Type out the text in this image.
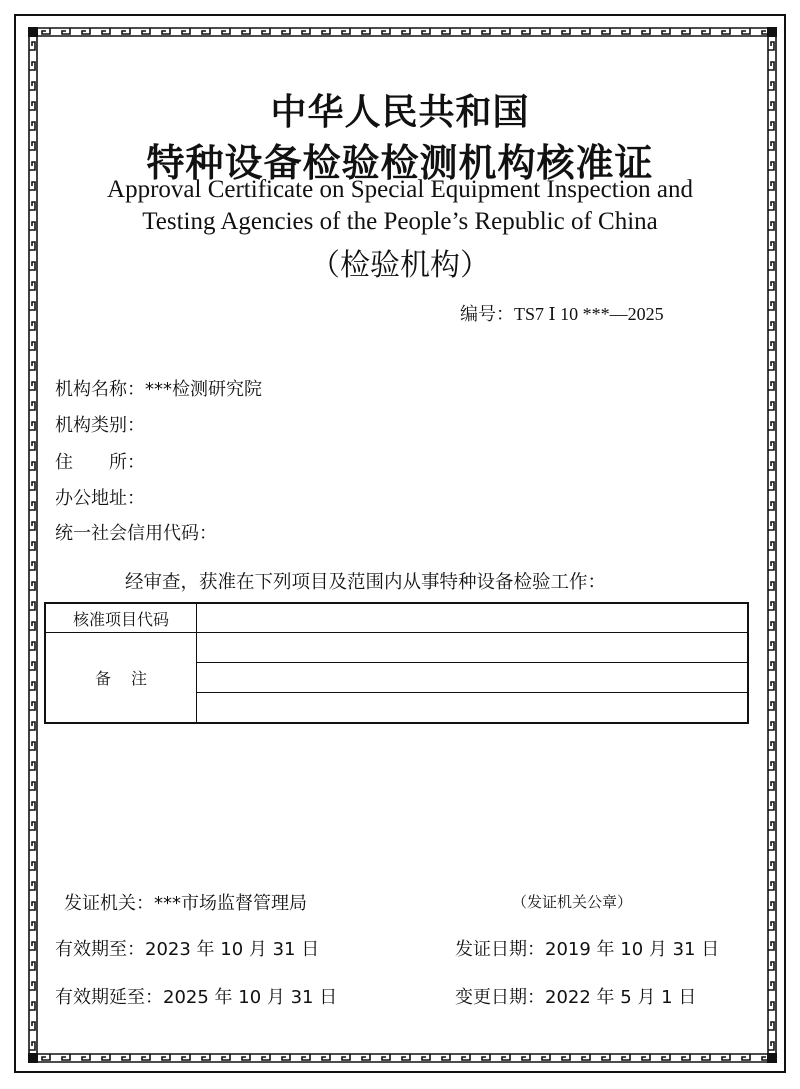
中华人民共和国
特种设备检验检测机构核准证
Approval Certificate on Special Equipment Inspection and
Testing Agencies of the People’s Republic of China
（检验机构）
编号：TS7 Ⅰ 10 ***—2025
机构名称：***检测研究院
机构类别：
住　　所：
办公地址：
统一社会信用代码：
经审查，获准在下列项目及范围内从事特种设备检验工作：
核准项目代码	
备注	

发证机关：***市场监督管理局	（发证机关公章）
有效期至：2023 年 10 月 31 日	发证日期：2019 年 10 月 31 日
有效期延至：2025 年 10 月 31 日	变更日期：2022 年 5 月 1 日
